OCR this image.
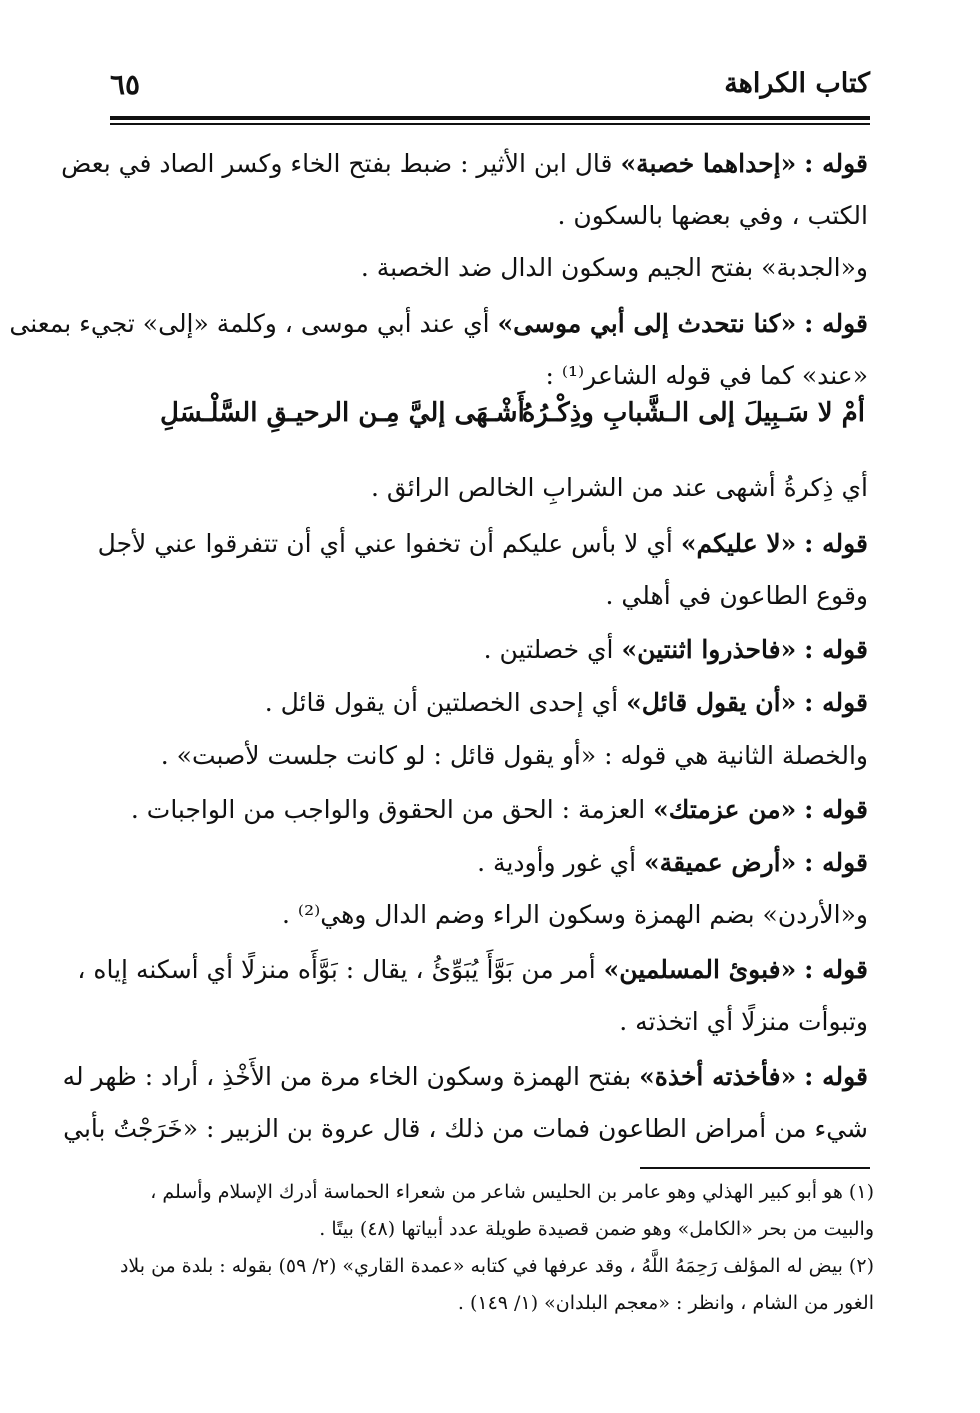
كتاب الكراهة
٦٥
قوله : «إحداهما خصبة» قال ابن الأثير : ضبط بفتح الخاء وكسر الصاد في بعض
الكتب ، وفي بعضها بالسكون .
و«الجدبة» بفتح الجيم وسكون الدال ضد الخصبة .
قوله : «كنا نتحدث إلى أبي موسى» أي عند أبي موسى ، وكلمة «إلى» تجيء بمعنى
«عند» كما في قوله الشاعر⁽¹⁾ :
أمْ لا سَـبِيلَ إلى الـشَّبابِ وذِكْـرُهُ
أَشْـهَى إليَّ مِـن الرحيـقِ السَّلْـسَلِ
أي ذِكرةُ أشهى عند من الشرابِ الخالص الرائق .
قوله : «لا عليكم» أي لا بأس عليكم أن تخفوا عني أي أن تتفرقوا عني لأجل
وقوع الطاعون في أهلي .
قوله : «فاحذروا اثنتين» أي خصلتين .
قوله : «أن يقول قائل» أي إحدى الخصلتين أن يقول قائل .
والخصلة الثانية هي قوله : «أو يقول قائل : لو كانت جلست لأصبت» .
قوله : «من عزمتك» العزمة : الحق من الحقوق والواجب من الواجبات .
قوله : «أرض عميقة» أي غور وأودية .
و«الأردن» بضم الهمزة وسكون الراء وضم الدال وهي⁽²⁾ .
قوله : «فبوئ المسلمين» أمر من بَوَّأَ يُبَوِّئُ ، يقال : بَوَّأَه منزلًا أي أسكنه إياه ،
وتبوأت منزلًا أي اتخذته .
قوله : «فأخذته أخذة» بفتح الهمزة وسكون الخاء مرة من الأَخْذِ ، أراد : ظهر له
شيء من أمراض الطاعون فمات من ذلك ، قال عروة بن الزبير : «خَرَجْتُ بأبي
(١) هو أبو كبير الهذلي وهو عامر بن الحليس شاعر من شعراء الحماسة أدرك الإسلام وأسلم ،
والبيت من بحر «الكامل» وهو ضمن قصيدة طويلة عدد أبياتها (٤٨) بيتًا .
(٢) بيض له المؤلف رَحِمَهُ اللَّهُ ، وقد عرفها في كتابه «عمدة القاري» (٢/ ٥٩) بقوله : بلدة من بلاد
الغور من الشام ، وانظر : «معجم البلدان» (١/ ١٤٩) .
